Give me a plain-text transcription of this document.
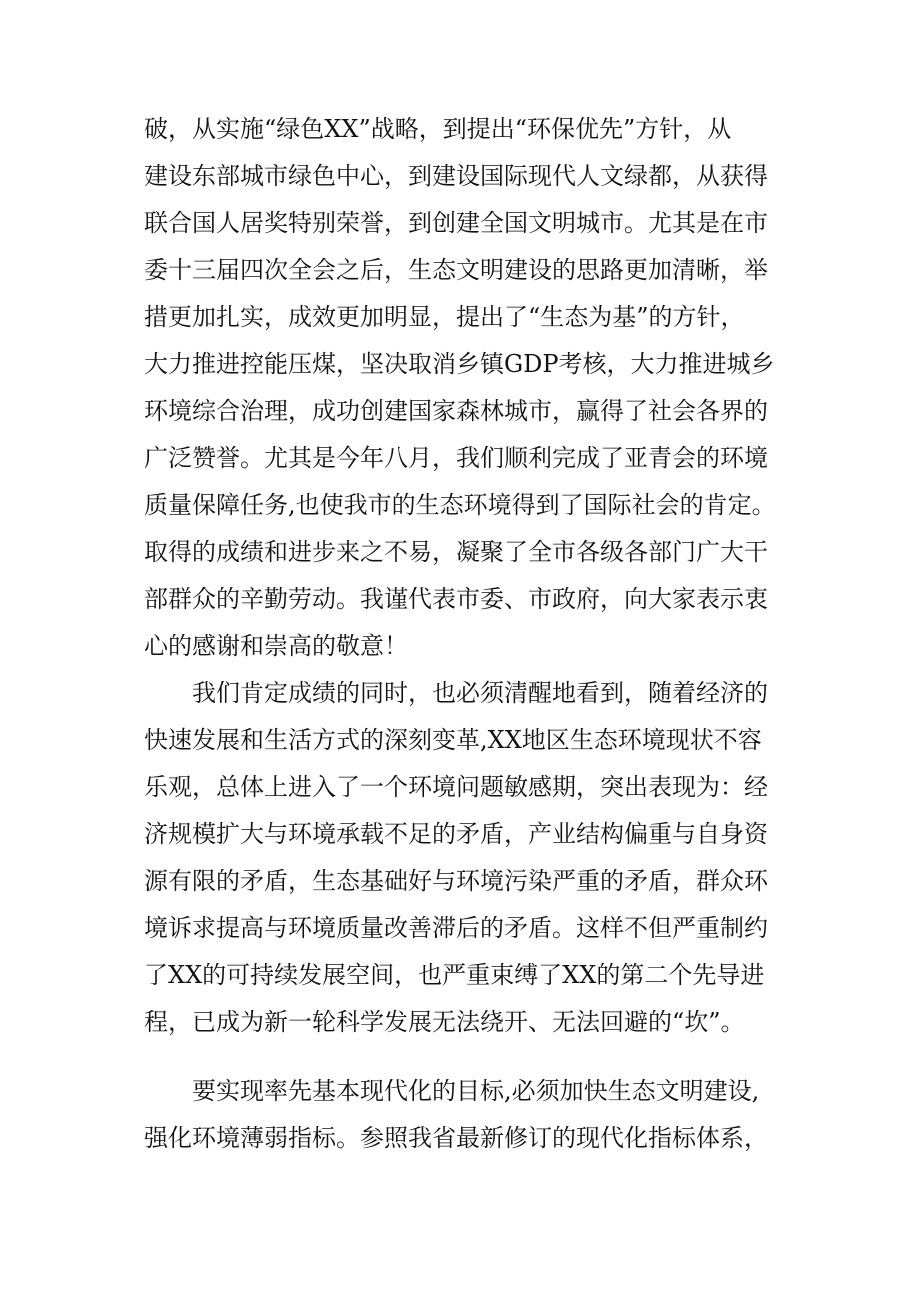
破，从实施“绿色XX”战略，到提出“环保优先”方针，从
建设东部城市绿色中心，到建设国际现代人文绿都，从获得
联合国人居奖特别荣誉，到创建全国文明城市。尤其是在市
委十三届四次全会之后，生态文明建设的思路更加清晰，举
措更加扎实，成效更加明显，提出了“生态为基”的方针，
大力推进控能压煤，坚决取消乡镇GDP考核，大力推进城乡
环境综合治理，成功创建国家森林城市，赢得了社会各界的
广泛赞誉。尤其是今年八月，我们顺利完成了亚青会的环境
质量保障任务,也使我市的生态环境得到了国际社会的肯定。
取得的成绩和进步来之不易，凝聚了全市各级各部门广大干
部群众的辛勤劳动。我谨代表市委、市政府，向大家表示衷
心的感谢和崇高的敬意！
我们肯定成绩的同时，也必须清醒地看到，随着经济的
快速发展和生活方式的深刻变革,XX地区生态环境现状不容
乐观，总体上进入了一个环境问题敏感期，突出表现为：经
济规模扩大与环境承载不足的矛盾，产业结构偏重与自身资
源有限的矛盾，生态基础好与环境污染严重的矛盾，群众环
境诉求提高与环境质量改善滞后的矛盾。这样不但严重制约
了XX的可持续发展空间，也严重束缚了XX的第二个先导进
程，已成为新一轮科学发展无法绕开、无法回避的“坎”。
要实现率先基本现代化的目标,必须加快生态文明建设,
强化环境薄弱指标。参照我省最新修订的现代化指标体系，
